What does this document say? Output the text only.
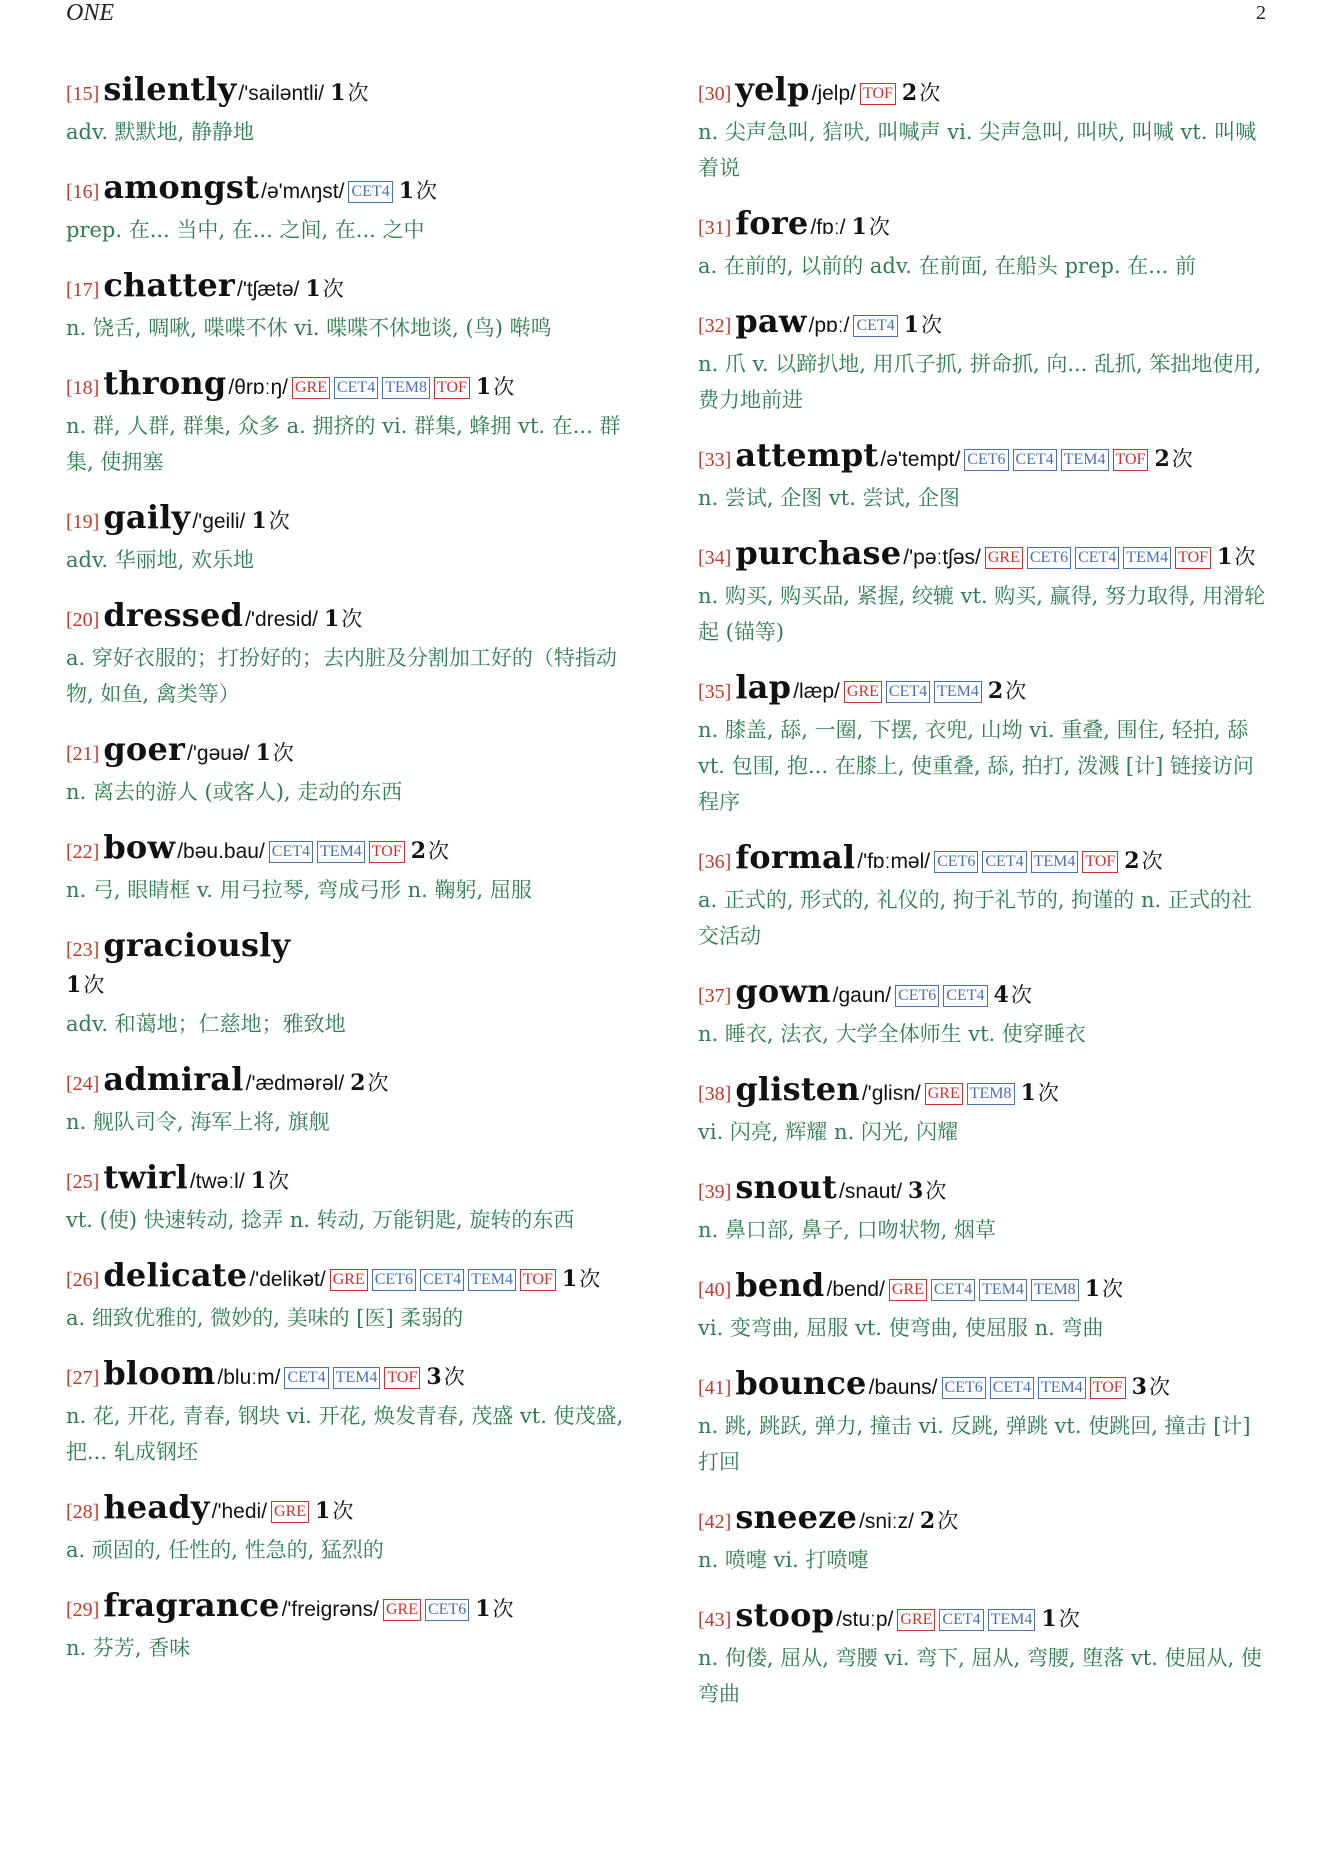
ONE	2
[15] silently/'sailəntli/ 1次
adv. 默默地, 静静地
[16] amongst/ə'mʌŋst/ CET4 1次
prep. 在... 当中, 在... 之间, 在... 之中
[17] chatter/'tʃætə/ 1次
n. 饶舌, 啁啾, 喋喋不休 vi. 喋喋不休地谈, (鸟) 啭鸣
[18] throng/θrɒːŋ/ GRE CET4 TEM8 TOF 1次
n. 群, 人群, 群集, 众多 a. 拥挤的 vi. 群集, 蜂拥 vt. 在... 群集, 使拥塞
[19] gaily/'geili/ 1次
adv. 华丽地, 欢乐地
[20] dressed/'dresid/ 1次
a. 穿好衣服的；打扮好的；去内脏及分割加工好的（特指动物, 如鱼, 禽类等）
[21] goer/'gəuə/ 1次
n. 离去的游人 (或客人), 走动的东西
[22] bow/bəu.bau/ CET4 TEM4 TOF 2次
n. 弓, 眼睛框 v. 用弓拉琴, 弯成弓形 n. 鞠躬, 屈服
[23] graciously
1次
adv. 和蔼地；仁慈地；雅致地
[24] admiral/'ædmərəl/ 2次
n. 舰队司令, 海军上将, 旗舰
[25] twirl/twəːl/ 1次
vt. (使) 快速转动, 捻弄 n. 转动, 万能钥匙, 旋转的东西
[26] delicate/'delikət/ GRE CET6 CET4 TEM4 TOF 1次
a. 细致优雅的, 微妙的, 美味的 [医] 柔弱的
[27] bloom/bluːm/ CET4 TEM4 TOF 3次
n. 花, 开花, 青春, 钢块 vi. 开花, 焕发青春, 茂盛 vt. 使茂盛, 把... 轧成钢坯
[28] heady/'hedi/ GRE 1次
a. 顽固的, 任性的, 性急的, 猛烈的
[29] fragrance/'freigrəns/ GRE CET6 1次
n. 芬芳, 香味
[30] yelp/jelp/ TOF 2次
n. 尖声急叫, 狺吠, 叫喊声 vi. 尖声急叫, 叫吠, 叫喊 vt. 叫喊着说
[31] fore/fɒː/ 1次
a. 在前的, 以前的 adv. 在前面, 在船头 prep. 在... 前
[32] paw/pɒː/ CET4 1次
n. 爪 v. 以蹄扒地, 用爪子抓, 拼命抓, 向... 乱抓, 笨拙地使用, 费力地前进
[33] attempt/ə'tempt/ CET6 CET4 TEM4 TOF 2次
n. 尝试, 企图 vt. 尝试, 企图
[34] purchase/'pəːtʃəs/ GRE CET6 CET4 TEM4 TOF 1次
n. 购买, 购买品, 紧握, 绞辘 vt. 购买, 赢得, 努力取得, 用滑轮起 (锚等)
[35] lap/læp/ GRE CET4 TEM4 2次
n. 膝盖, 舔, 一圈, 下摆, 衣兜, 山坳 vi. 重叠, 围住, 轻拍, 舔 vt. 包围, 抱... 在膝上, 使重叠, 舔, 拍打, 泼溅 [计] 链接访问程序
[36] formal/'fɒːməl/ CET6 CET4 TEM4 TOF 2次
a. 正式的, 形式的, 礼仪的, 拘于礼节的, 拘谨的 n. 正式的社交活动
[37] gown/gaun/ CET6 CET4 4次
n. 睡衣, 法衣, 大学全体师生 vt. 使穿睡衣
[38] glisten/'glisn/ GRE TEM8 1次
vi. 闪亮, 辉耀 n. 闪光, 闪耀
[39] snout/snaut/ 3次
n. 鼻口部, 鼻子, 口吻状物, 烟草
[40] bend/bend/ GRE CET4 TEM4 TEM8 1次
vi. 变弯曲, 屈服 vt. 使弯曲, 使屈服 n. 弯曲
[41] bounce/bauns/ CET6 CET4 TEM4 TOF 3次
n. 跳, 跳跃, 弹力, 撞击 vi. 反跳, 弹跳 vt. 使跳回, 撞击 [计] 打回
[42] sneeze/sniːz/ 2次
n. 喷嚏 vi. 打喷嚏
[43] stoop/stuːp/ GRE CET4 TEM4 1次
n. 佝偻, 屈从, 弯腰 vi. 弯下, 屈从, 弯腰, 堕落 vt. 使屈从, 使弯曲
